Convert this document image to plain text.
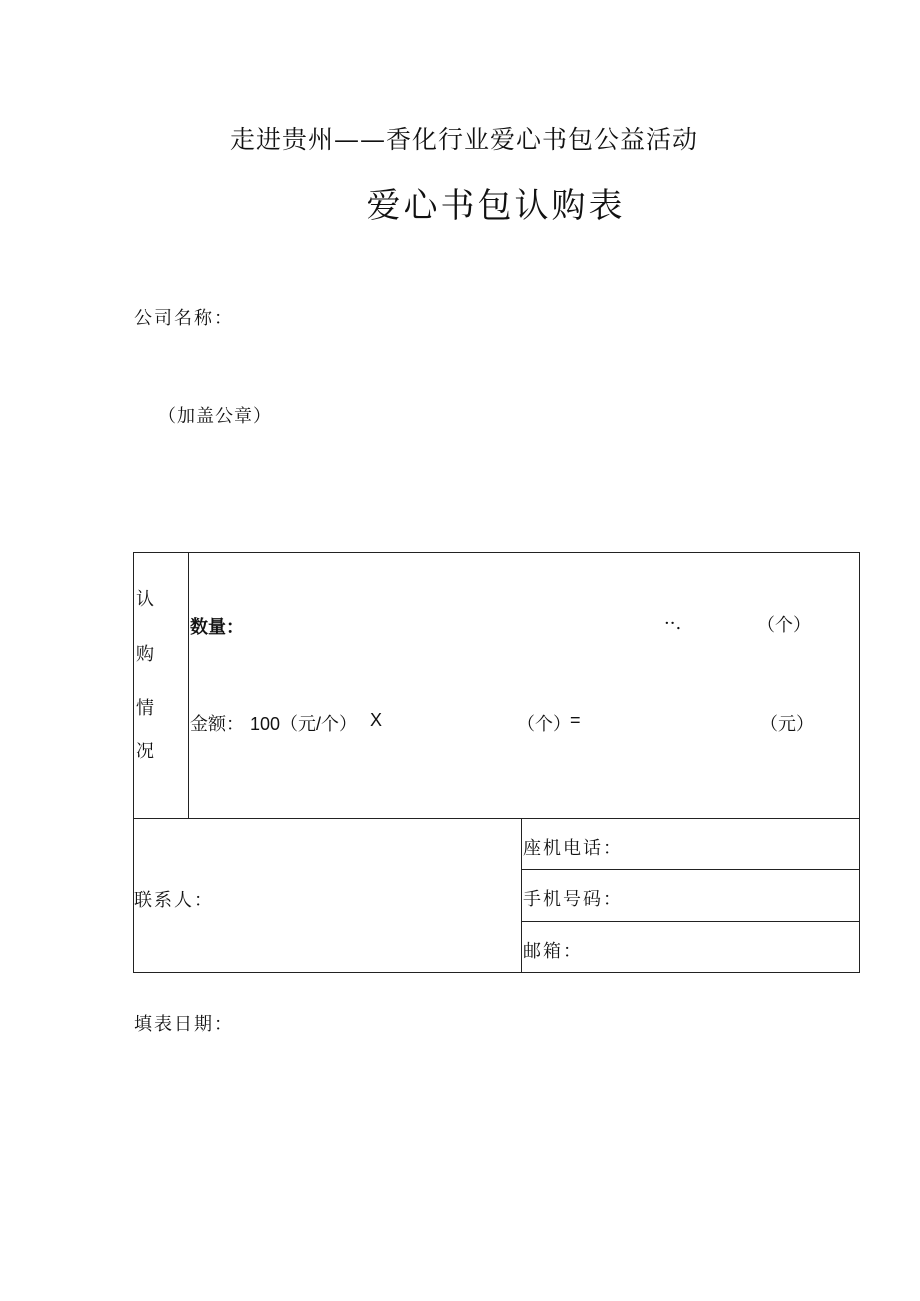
走进贵州——香化行业爱心书包公益活动
爱心书包认购表
公司名称：
（加盖公章）
认
购
情
况
数量：	··.	（个）
金额： 100（元/个） X	（个） =	（元）
联系人：
座机电话：
手机号码：
邮箱：
填表日期：
